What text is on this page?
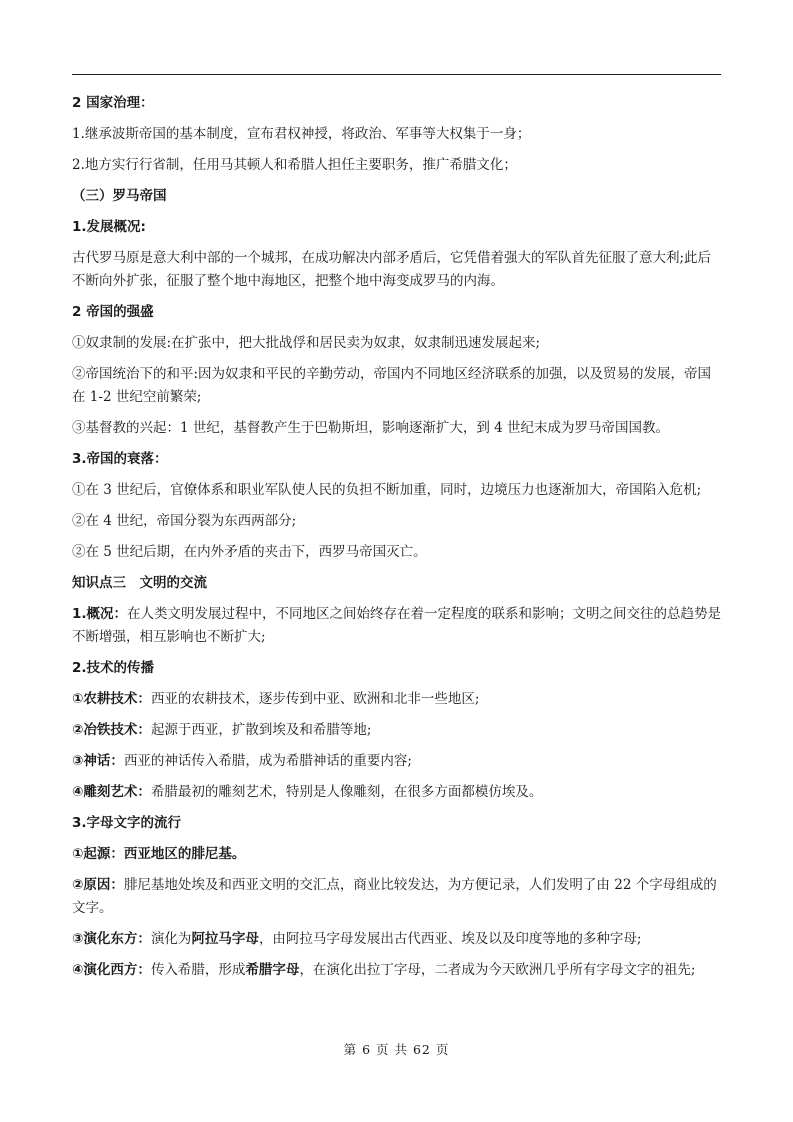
2 国家治理：

1.继承波斯帝国的基本制度，宣布君权神授，将政治、军事等大权集于一身；

2.地方实行行省制，任用马其顿人和希腊人担任主要职务，推广希腊文化；

（三）罗马帝国

1.发展概况:

古代罗马原是意大利中部的一个城邦，在成功解决内部矛盾后，它凭借着强大的军队首先征服了意大利;此后不断向外扩张，征服了整个地中海地区，把整个地中海变成罗马的内海。

2 帝国的强盛

①奴隶制的发展:在扩张中，把大批战俘和居民卖为奴隶，奴隶制迅速发展起来;

②帝国统治下的和平:因为奴隶和平民的辛勤劳动，帝国内不同地区经济联系的加强，以及贸易的发展，帝国在 1-2 世纪空前繁荣;

③基督教的兴起：1 世纪，基督教产生于巴勒斯坦，影响逐渐扩大，到 4 世纪末成为罗马帝国国教。

3.帝国的衰落：

①在 3 世纪后，官僚体系和职业军队使人民的负担不断加重，同时，边境压力也逐渐加大，帝国陷入危机;

②在 4 世纪，帝国分裂为东西两部分;

②在 5 世纪后期，在内外矛盾的夹击下，西罗马帝国灭亡。

知识点三　文明的交流

1.概况：在人类文明发展过程中，不同地区之间始终存在着一定程度的联系和影响；文明之间交往的总趋势是不断增强，相互影响也不断扩大;

2.技术的传播

①农耕技术：西亚的农耕技术，逐步传到中亚、欧洲和北非一些地区;

②冶铁技术：起源于西亚，扩散到埃及和希腊等地;

③神话：西亚的神话传入希腊，成为希腊神话的重要内容;

④雕刻艺术：希腊最初的雕刻艺术，特别是人像雕刻，在很多方面都模仿埃及。

3.字母文字的流行

①起源：西亚地区的腓尼基。

②原因：腓尼基地处埃及和西亚文明的交汇点，商业比较发达，为方便记录，人们发明了由 22 个字母组成的文字。

③演化东方：演化为阿拉马字母，由阿拉马字母发展出古代西亚、埃及以及印度等地的多种字母;

④演化西方：传入希腊，形成希腊字母，在演化出拉丁字母，二者成为今天欧洲几乎所有字母文字的祖先;

第 6 页 共 62 页
